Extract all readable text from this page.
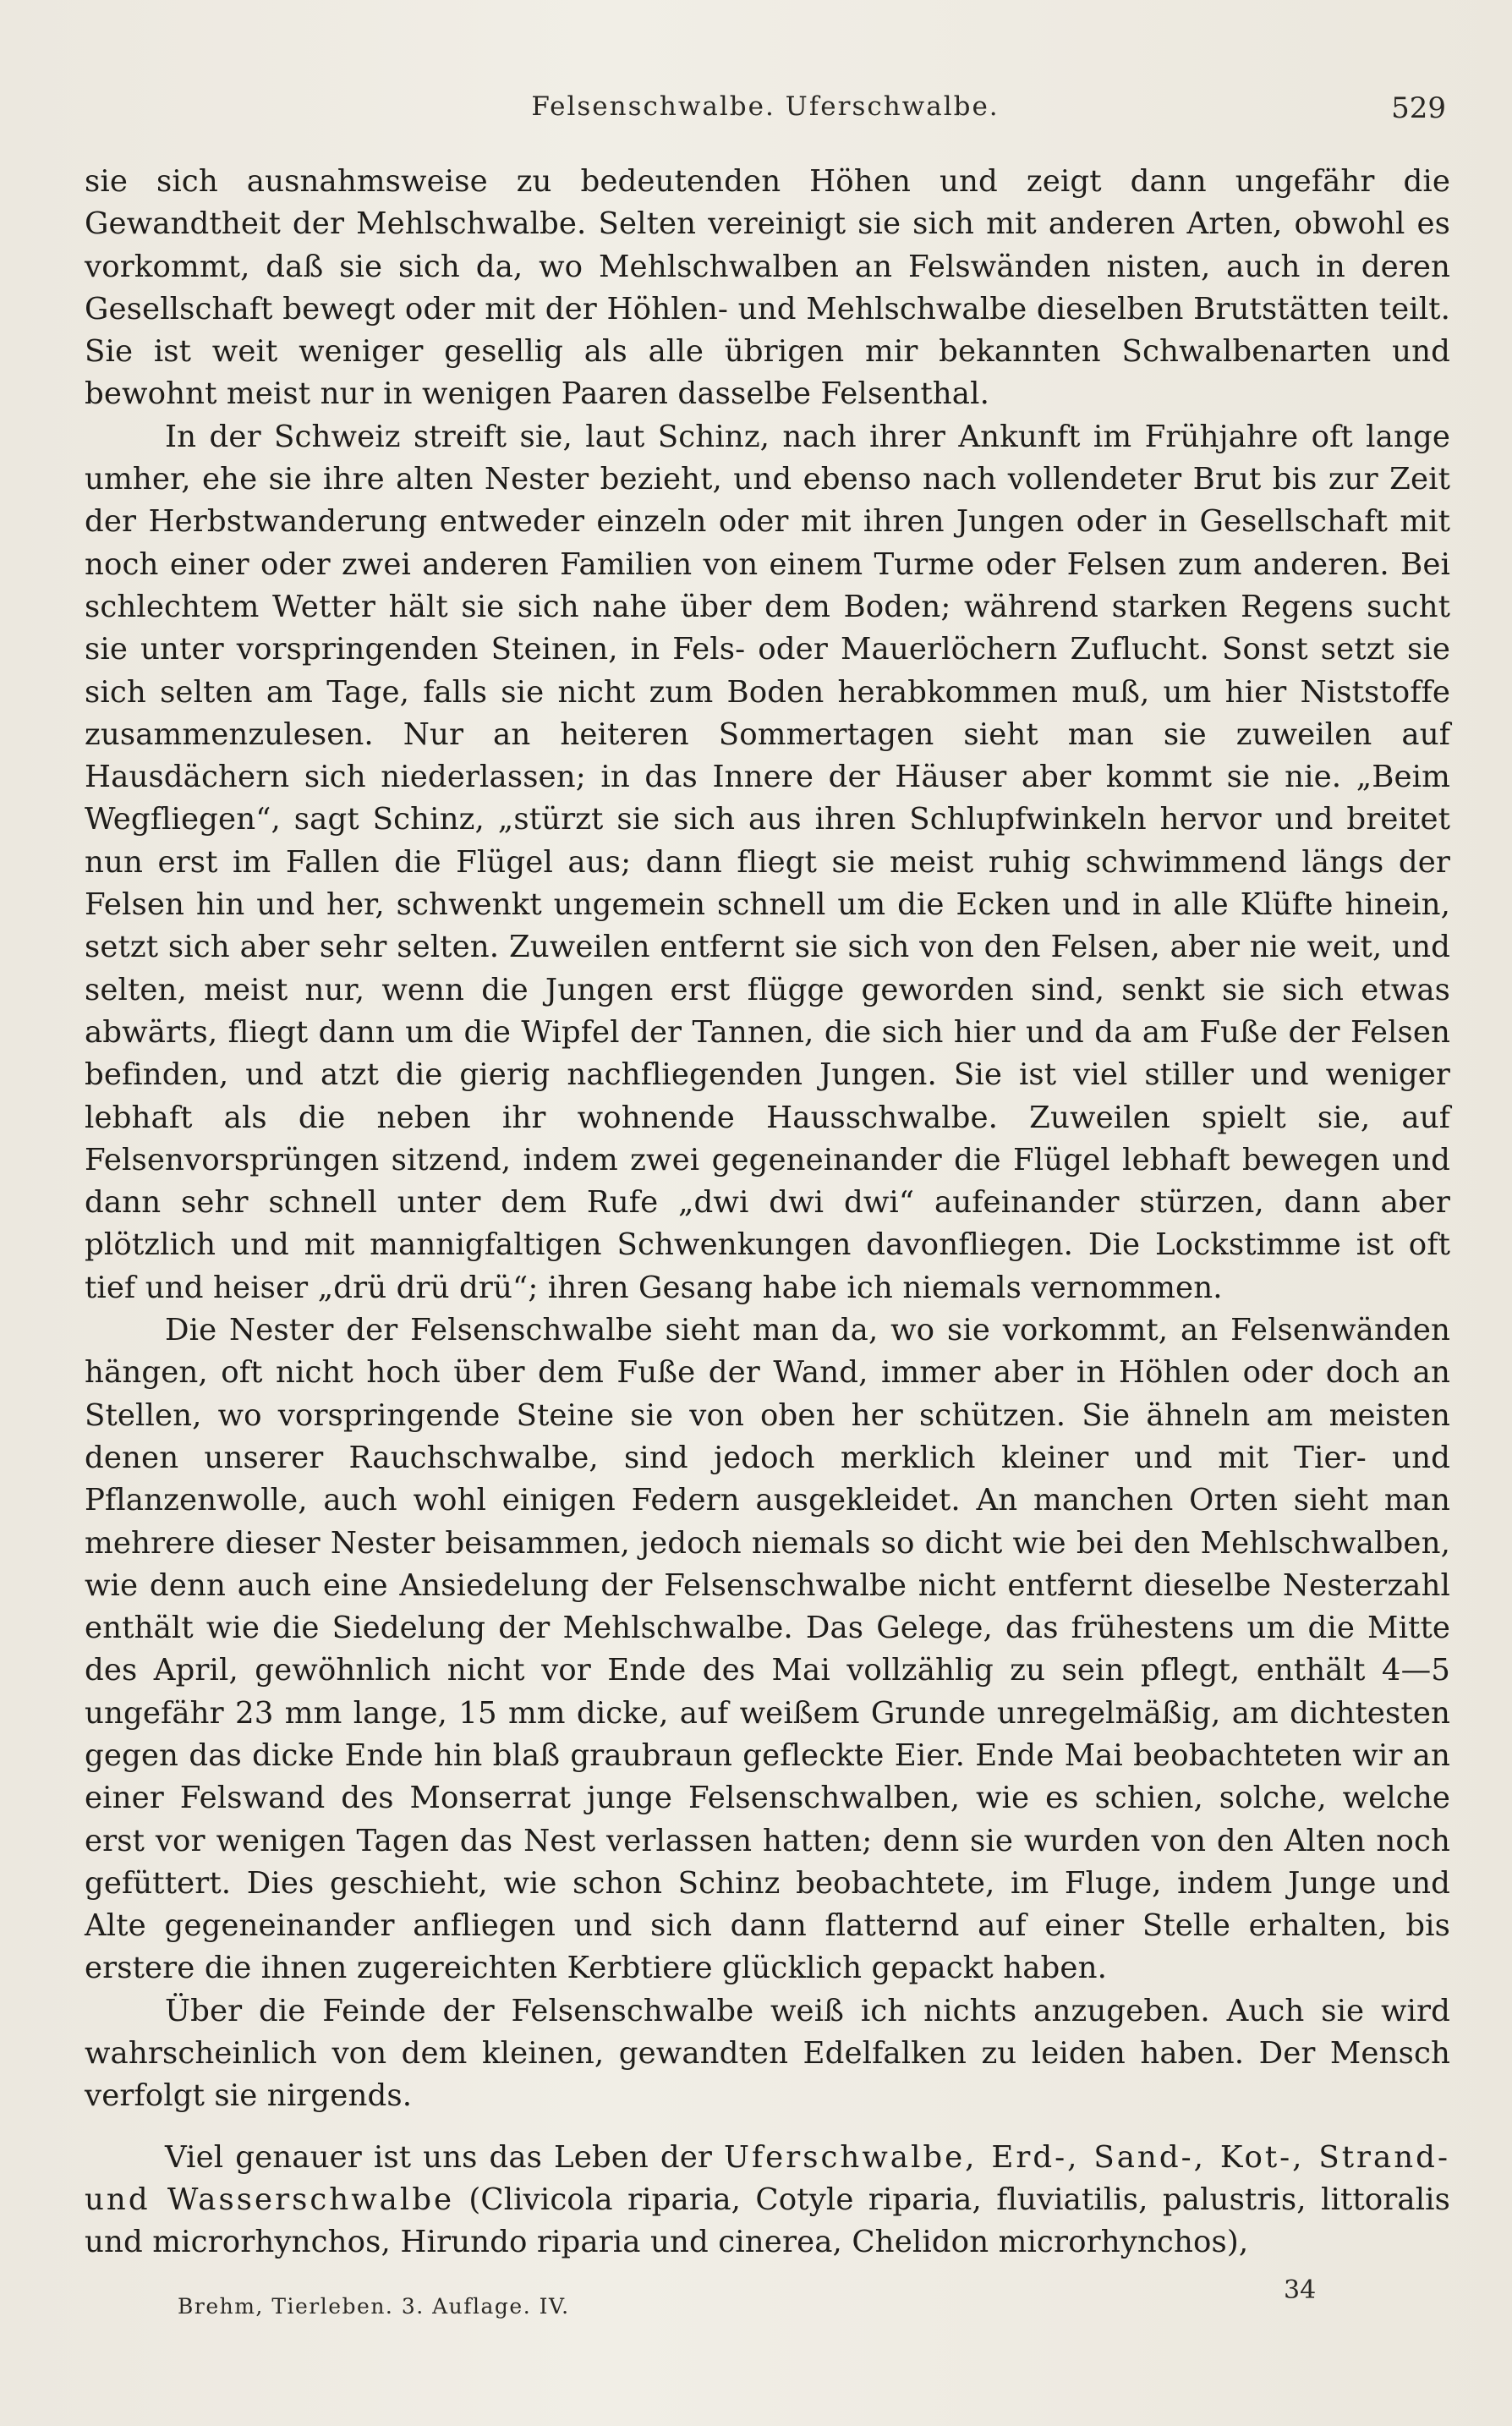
Felsenschwalbe. Uferschwalbe.	529

sie sich ausnahmsweise zu bedeutenden Höhen und zeigt dann ungefähr die Gewandtheit der Mehlschwalbe. Selten vereinigt sie sich mit anderen Arten, obwohl es vorkommt, daß sie sich da, wo Mehlschwalben an Felswänden nisten, auch in deren Gesellschaft bewegt oder mit der Höhlen- und Mehlschwalbe dieselben Brutstätten teilt. Sie ist weit weniger gesellig als alle übrigen mir bekannten Schwalbenarten und bewohnt meist nur in wenigen Paaren dasselbe Felsenthal.

In der Schweiz streift sie, laut Schinz, nach ihrer Ankunft im Frühjahre oft lange umher, ehe sie ihre alten Nester bezieht, und ebenso nach vollendeter Brut bis zur Zeit der Herbstwanderung entweder einzeln oder mit ihren Jungen oder in Gesellschaft mit noch einer oder zwei anderen Familien von einem Turme oder Felsen zum anderen. Bei schlechtem Wetter hält sie sich nahe über dem Boden; während starken Regens sucht sie unter vorspringenden Steinen, in Fels- oder Mauerlöchern Zuflucht. Sonst setzt sie sich selten am Tage, falls sie nicht zum Boden herabkommen muß, um hier Niststoffe zusammenzulesen. Nur an heiteren Sommertagen sieht man sie zuweilen auf Hausdächern sich niederlassen; in das Innere der Häuser aber kommt sie nie. „Beim Wegfliegen“, sagt Schinz, „stürzt sie sich aus ihren Schlupfwinkeln hervor und breitet nun erst im Fallen die Flügel aus; dann fliegt sie meist ruhig schwimmend längs der Felsen hin und her, schwenkt ungemein schnell um die Ecken und in alle Klüfte hinein, setzt sich aber sehr selten. Zuweilen entfernt sie sich von den Felsen, aber nie weit, und selten, meist nur, wenn die Jungen erst flügge geworden sind, senkt sie sich etwas abwärts, fliegt dann um die Wipfel der Tannen, die sich hier und da am Fuße der Felsen befinden, und atzt die gierig nachfliegenden Jungen. Sie ist viel stiller und weniger lebhaft als die neben ihr wohnende Hausschwalbe. Zuweilen spielt sie, auf Felsenvorsprüngen sitzend, indem zwei gegeneinander die Flügel lebhaft bewegen und dann sehr schnell unter dem Rufe „dwi dwi dwi“ aufeinander stürzen, dann aber plötzlich und mit mannigfaltigen Schwenkungen davonfliegen. Die Lockstimme ist oft tief und heiser „drü drü drü“; ihren Gesang habe ich niemals vernommen.

Die Nester der Felsenschwalbe sieht man da, wo sie vorkommt, an Felsenwänden hängen, oft nicht hoch über dem Fuße der Wand, immer aber in Höhlen oder doch an Stellen, wo vorspringende Steine sie von oben her schützen. Sie ähneln am meisten denen unserer Rauchschwalbe, sind jedoch merklich kleiner und mit Tier- und Pflanzenwolle, auch wohl einigen Federn ausgekleidet. An manchen Orten sieht man mehrere dieser Nester beisammen, jedoch niemals so dicht wie bei den Mehlschwalben, wie denn auch eine Ansiedelung der Felsenschwalbe nicht entfernt dieselbe Nesterzahl enthält wie die Siedelung der Mehlschwalbe. Das Gelege, das frühestens um die Mitte des April, gewöhnlich nicht vor Ende des Mai vollzählig zu sein pflegt, enthält 4—5 ungefähr 23 mm lange, 15 mm dicke, auf weißem Grunde unregelmäßig, am dichtesten gegen das dicke Ende hin blaß graubraun gefleckte Eier. Ende Mai beobachteten wir an einer Felswand des Monserrat junge Felsenschwalben, wie es schien, solche, welche erst vor wenigen Tagen das Nest verlassen hatten; denn sie wurden von den Alten noch gefüttert. Dies geschieht, wie schon Schinz beobachtete, im Fluge, indem Junge und Alte gegeneinander anfliegen und sich dann flatternd auf einer Stelle erhalten, bis erstere die ihnen zugereichten Kerbtiere glücklich gepackt haben.

Über die Feinde der Felsenschwalbe weiß ich nichts anzugeben. Auch sie wird wahrscheinlich von dem kleinen, gewandten Edelfalken zu leiden haben. Der Mensch verfolgt sie nirgends.

Viel genauer ist uns das Leben der Uferschwalbe, Erd-, Sand-, Kot-, Strand- und Wasserschwalbe (Clivicola riparia, Cotyle riparia, fluviatilis, palustris, littoralis und microrhynchos, Hirundo riparia und cinerea, Chelidon microrhynchos),

Brehm, Tierleben. 3. Auflage. IV.
34
